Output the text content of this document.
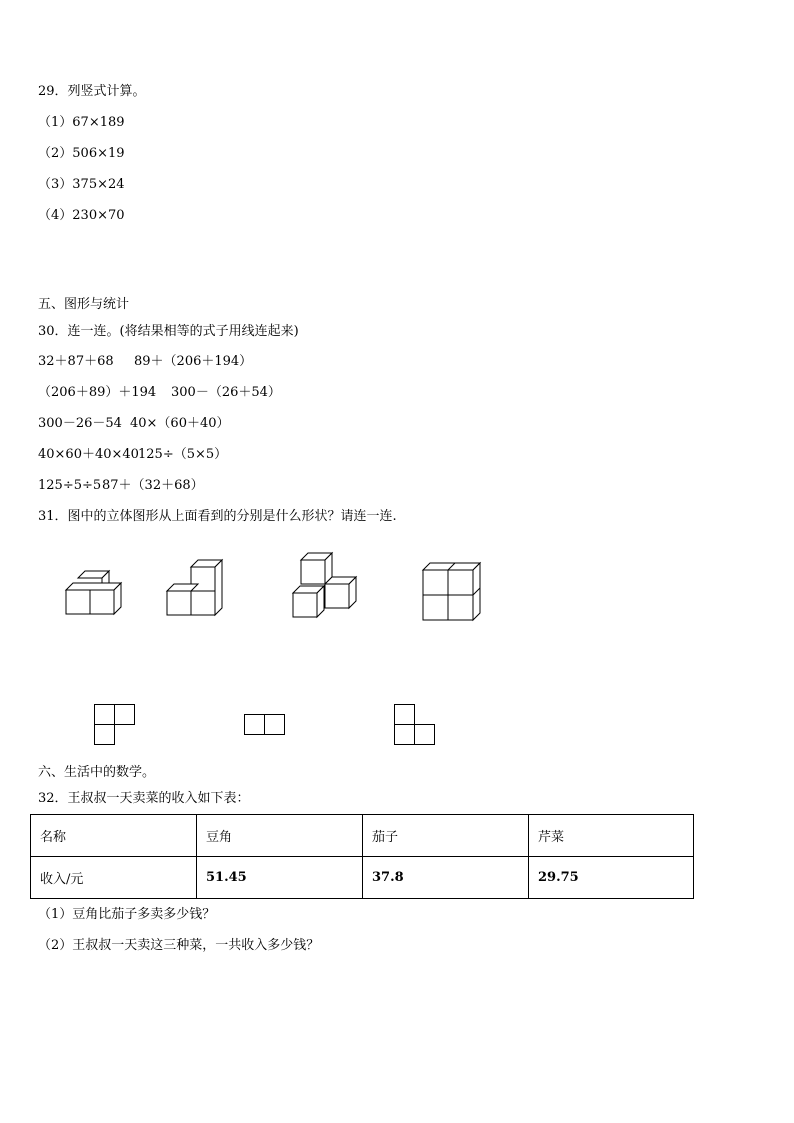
29．列竖式计算。
（1）67×189
（2）506×19
（3）375×24
（4）230×70
五、图形与统计
30．连一连。(将结果相等的式子用线连起来)
32＋87＋68 89＋（206＋194）
（206＋89）＋194 300－（26＋54）
300－26－54 40×（60＋40）
40×60＋40×40 125÷（5×5）
125÷5÷5 87＋（32＋68）
31．图中的立体图形从上面看到的分别是什么形状？请连一连.
六、生活中的数学。
32．王叔叔一天卖菜的收入如下表：
名称	豆角	茄子	芹菜
收入/元	51.45	37.8	29.75
（1）豆角比茄子多卖多少钱？
（2）王叔叔一天卖这三种菜，一共收入多少钱？
